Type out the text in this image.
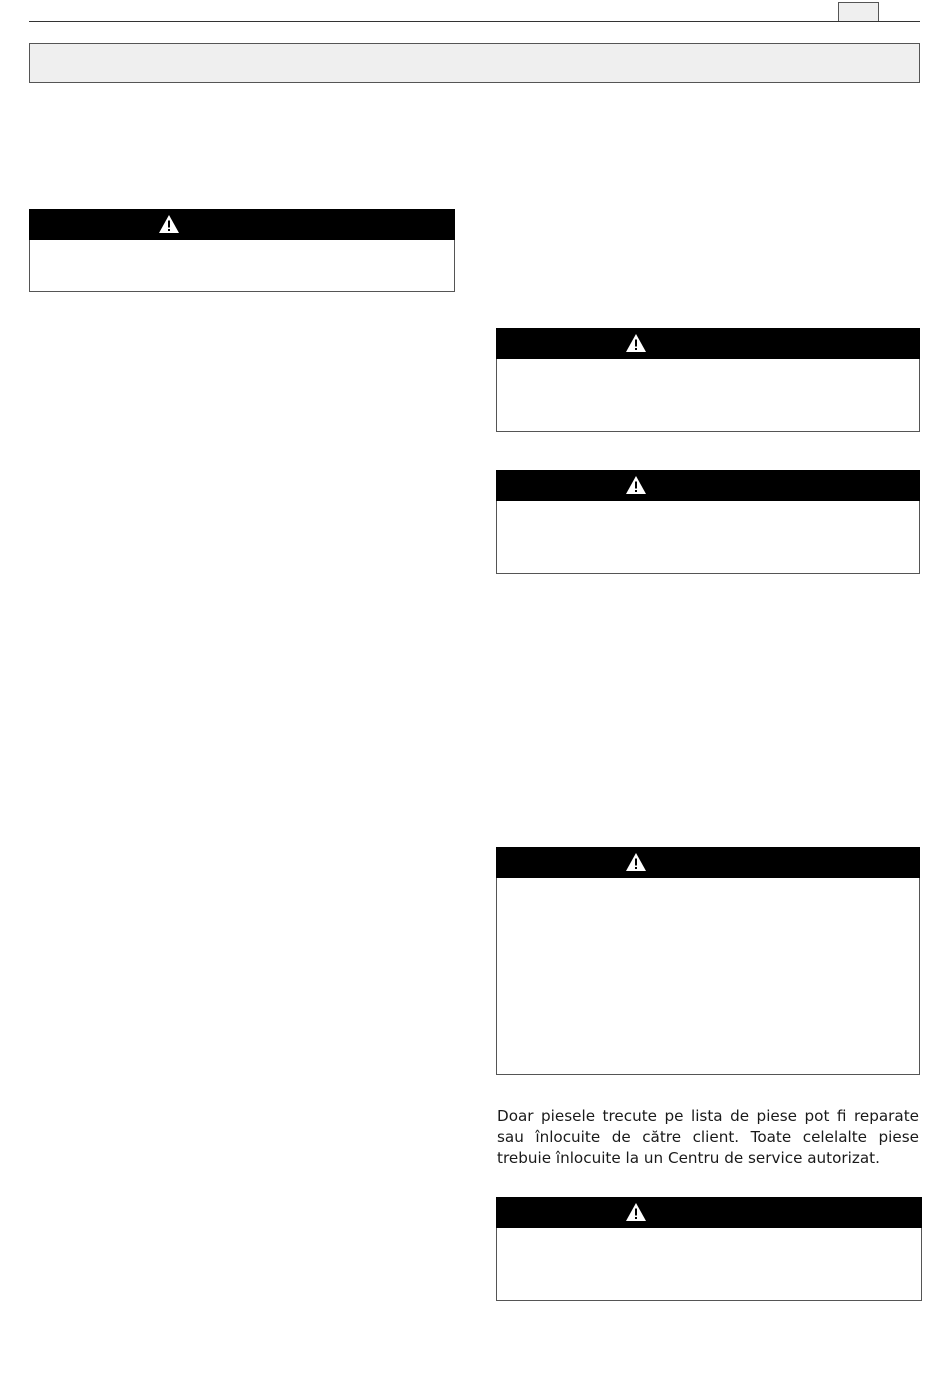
Doar piesele trecute pe lista de piese pot fi reparate sau înlocuite de către client. Toate celelalte piese trebuie înlocuite la un Centru de service autorizat.
